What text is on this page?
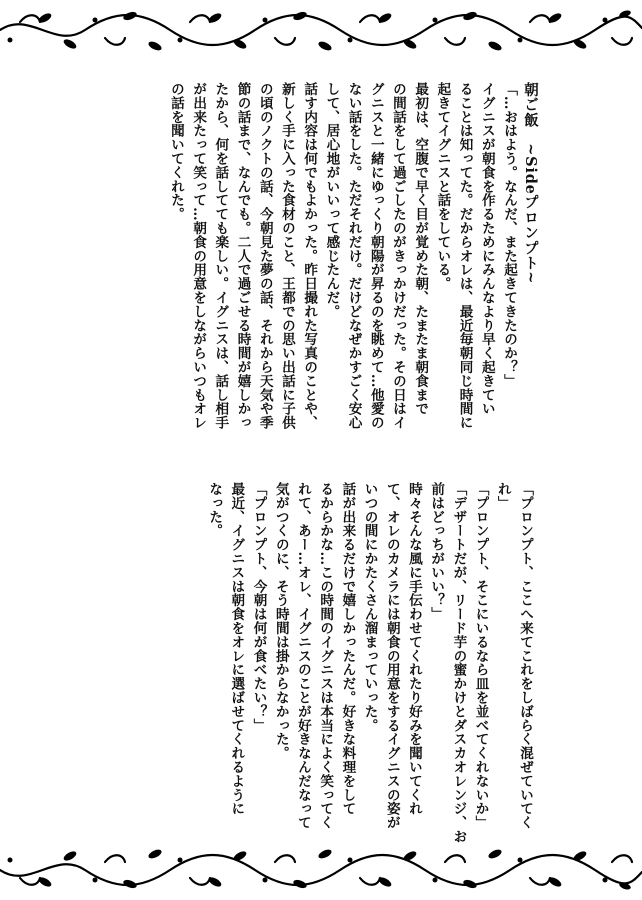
朝ご飯　~Sideプロンプト~
「…おはよう。なんだ、また起きてきたのか？」
イグニスが朝食を作るためにみんなより早く起きてい
ることは知ってた。だからオレは、最近毎朝同じ時間に
起きてイグニスと話をしている。
最初は、空腹で早く目が覚めた朝、たまたま朝食まで
の間話をして過ごしたのがきっかけだった。その日はイ
グニスと一緒にゆっくり朝陽が昇るのを眺めて…他愛の
ない話をした。ただそれだけ。だけどなぜかすごく安心
して、居心地がいいって感じたんだ。
話す内容は何でもよかった。昨日撮れた写真のことや、
新しく手に入った食材のこと、王都での思い出話に子供
の頃のノクトの話、今朝見た夢の話、それから天気や季
節の話まで、なんでも。二人で過ごせる時間が嬉しかっ
たから、何を話してても楽しい。イグニスは、話し相手
が出来たって笑って…朝食の用意をしながらいつもオレ
の話を聞いてくれた。
「プロンプト、ここへ来てこれをしばらく混ぜていてく
れ」
「プロンプト、そこにいるなら皿を並べてくれないか」
「デザートだが、リード芋の蜜かけとダスカオレンジ、お
前はどっちがいい？」
時々そんな風に手伝わせてくれたり好みを聞いてくれ
て、オレのカメラには朝食の用意をするイグニスの姿が
いつの間にかたくさん溜まっていった。
話が出来るだけで嬉しかったんだ。好きな料理をして
るからかな…この時間のイグニスは本当によく笑ってく
れて、あー…オレ、イグニスのことが好きなんだなって
気がつくのに、そう時間は掛からなかった。
「プロンプト、今朝は何が食べたい？」
最近、イグニスは朝食をオレに選ばせてくれるように
なった。
